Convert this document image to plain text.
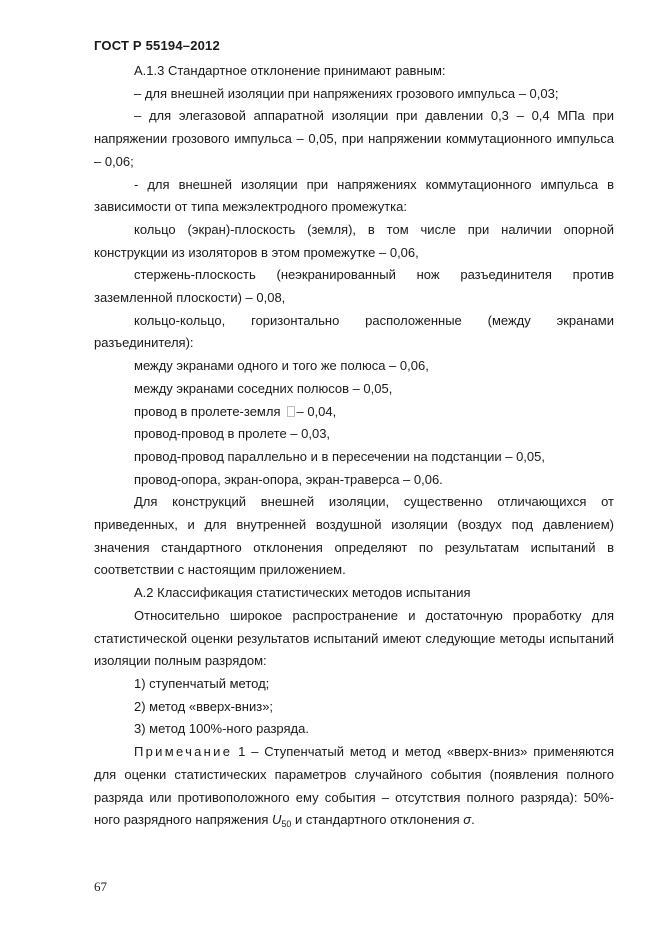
ГОСТ Р 55194–2012

А.1.3 Стандартное отклонение принимают равным:

– для внешней изоляции при напряжениях грозового импульса – 0,03;

– для элегазовой аппаратной изоляции при давлении 0,3 – 0,4 МПа при напряжении грозового импульса – 0,05, при напряжении коммутационного импульса – 0,06;

- для внешней изоляции при напряжениях коммутационного импульса в зависимости от типа межэлектродного промежутка:

кольцо (экран)-плоскость (земля), в том числе при наличии опорной конструкции из изоляторов в этом промежутке – 0,06,

стержень-плоскость (неэкранированный нож разъединителя против заземленной плоскости) – 0,08,

кольцо-кольцо, горизонтально расположенные (между экранами разъединителя):

между экранами одного и того же полюса – 0,06,

между экранами соседних полюсов – 0,05,

провод в пролете-земля – 0,04,

провод-провод в пролете – 0,03,

провод-провод параллельно и в пересечении на подстанции – 0,05,

провод-опора, экран-опора, экран-траверса – 0,06.

Для конструкций внешней изоляции, существенно отличающихся от приведенных, и для внутренней воздушной изоляции (воздух под давлением) значения стандартного отклонения определяют по результатам испытаний в соответствии с настоящим приложением.

А.2 Классификация статистических методов испытания

Относительно широкое распространение и достаточную проработку для статистической оценки результатов испытаний имеют следующие методы испытаний изоляции полным разрядом:

1) ступенчатый метод;

2) метод «вверх-вниз»;

3) метод 100%-ного разряда.

Примечание 1 – Ступенчатый метод и метод «вверх-вниз» применяются для оценки статистических параметров случайного события (появления полного разряда или противоположного ему события – отсутствия полного разряда): 50%-ного разрядного напряжения $U_{50}$ и стандартного отклонения σ.

67
